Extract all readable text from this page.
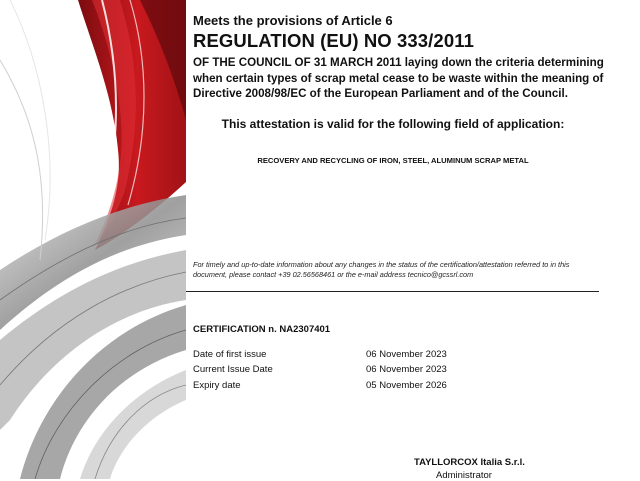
Meets the provisions of Article 6
REGULATION (EU) NO 333/2011
OF THE COUNCIL OF 31 MARCH 2011 laying down the criteria determining when certain types of scrap metal cease to be waste within the meaning of Directive 2008/98/EC of the European Parliament and of the Council.
This attestation is valid for the following field of application:
RECOVERY AND RECYCLING OF IRON, STEEL, ALUMINUM SCRAP METAL
For timely and up-to-date information about any changes in the status of the certification/attestation referred to in this document, please contact +39 02.56568461 or the e-mail address tecnico@gcssrl.com
CERTIFICATION n. NA2307401
Date of first issue	06 November 2023
Current Issue Date	06 November 2023
Expiry date	05 November 2026
TAYLLORCOX Italia S.r.l.
Administrator
